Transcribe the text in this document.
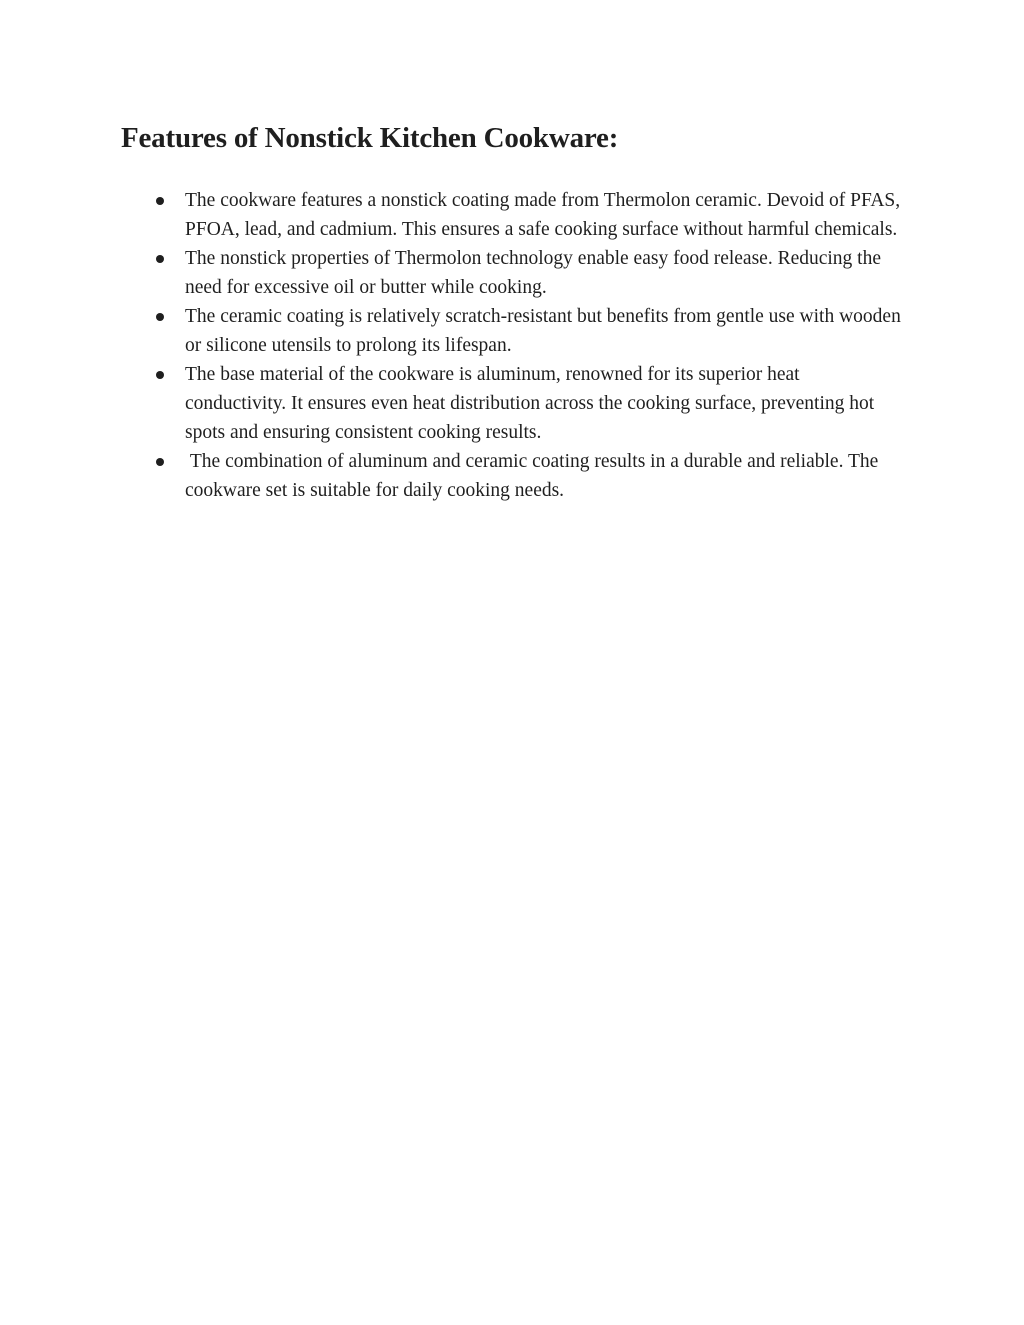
Features of Nonstick Kitchen Cookware:
The cookware features a nonstick coating made from Thermolon ceramic. Devoid of PFAS, PFOA, lead, and cadmium. This ensures a safe cooking surface without harmful chemicals.
The nonstick properties of Thermolon technology enable easy food release. Reducing the need for excessive oil or butter while cooking.
The ceramic coating is relatively scratch-resistant but benefits from gentle use with wooden or silicone utensils to prolong its lifespan.
The base material of the cookware is aluminum, renowned for its superior heat conductivity. It ensures even heat distribution across the cooking surface, preventing hot spots and ensuring consistent cooking results.
The combination of aluminum and ceramic coating results in a durable and reliable. The cookware set is suitable for daily cooking needs.
